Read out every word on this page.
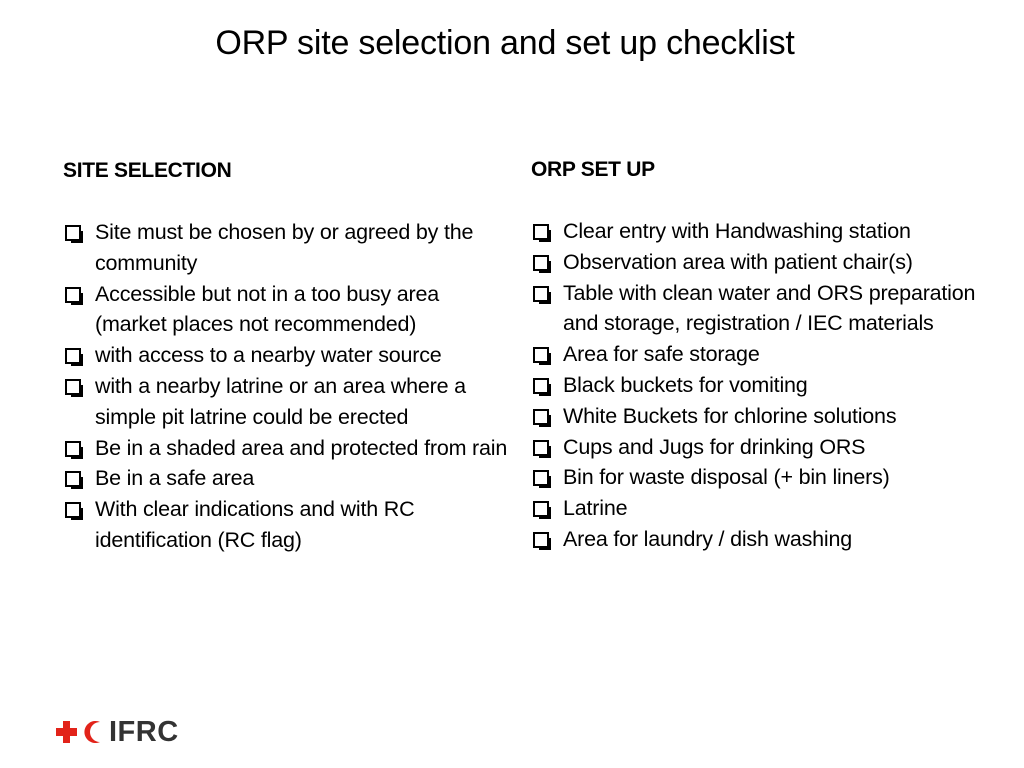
ORP site selection and set up checklist
SITE SELECTION
Site must be chosen by or agreed by the community
Accessible but not in a too busy area (market places not recommended)
with access to a nearby water source
with a nearby latrine or an area where a simple pit latrine could be erected
Be in a shaded area and protected from rain
Be in a safe area
With clear indications and with RC identification (RC flag)
ORP SET UP
Clear entry with Handwashing station
Observation area with patient chair(s)
Table with clean water and ORS preparation and storage, registration / IEC materials
Area for safe storage
Black buckets for vomiting
White Buckets for chlorine solutions
Cups and Jugs for drinking ORS
Bin for waste disposal (+ bin liners)
Latrine
Area for laundry / dish washing
IFRC
